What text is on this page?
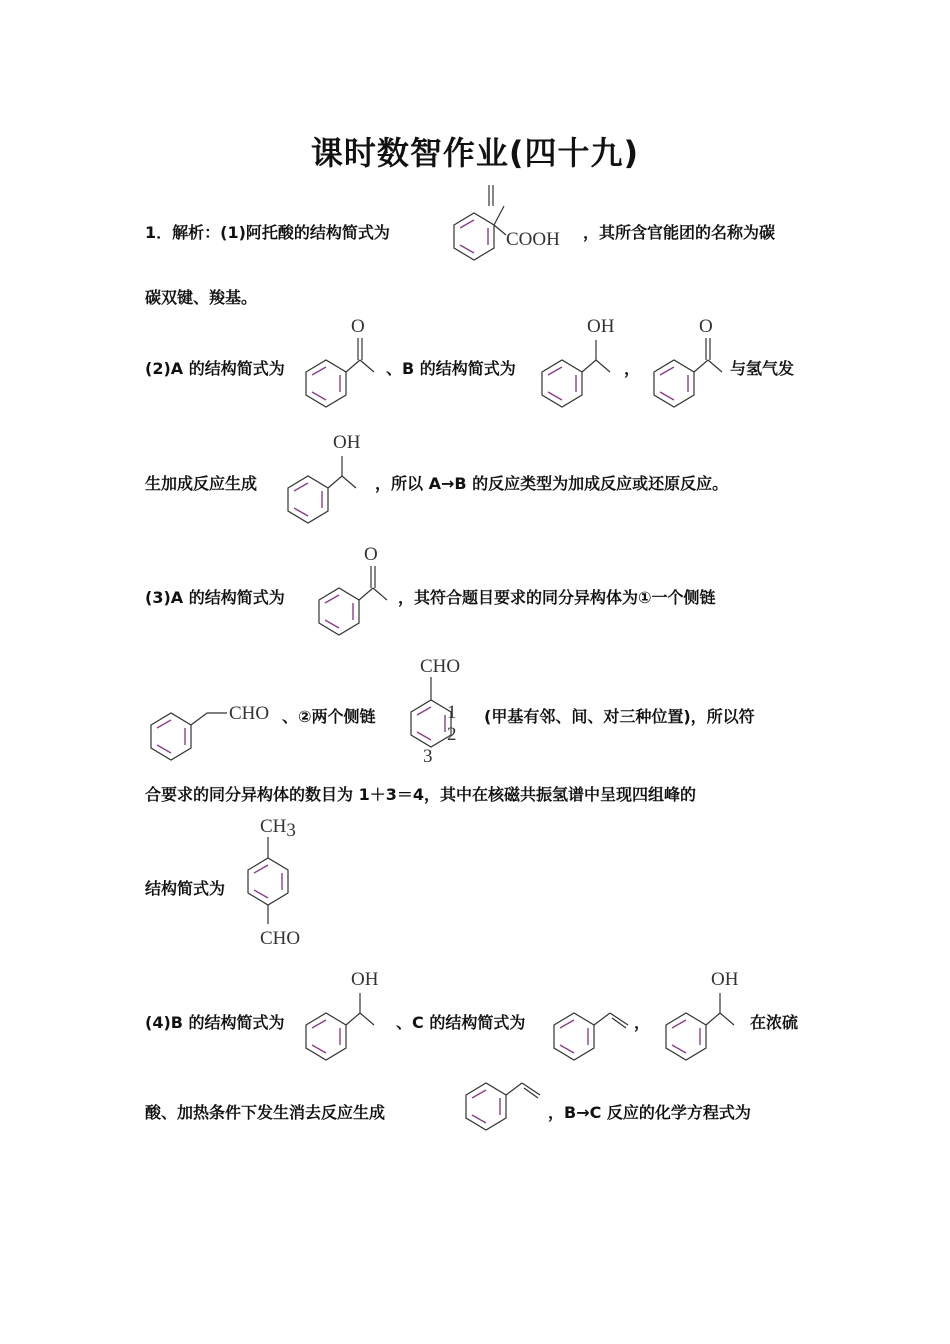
课时数智作业(四十九)
1．解析：(1)阿托酸的结构简式为	COOH ，其所含官能团的名称为碳
碳双键、羧基。
(2)A 的结构简式为
O
、B 的结构简式为
OH
，
O
与氢气发
生加成反应生成
OH
，所以 A→B 的反应类型为加成反应或还原反应。
(3)A 的结构简式为
O
，其符合题目要求的同分异构体为①一个侧链
CHO 、②两个侧链
CHO
1
2
3
(甲基有邻、间、对三种位置)，所以符
合要求的同分异构体的数目为 1＋3＝4，其中在核磁共振氢谱中呈现四组峰的
结构简式为
CH3
CHO
(4)B 的结构简式为
OH
、C 的结构简式为	，
OH
在浓硫
酸、加热条件下发生消去反应生成	，B→C 反应的化学方程式为
